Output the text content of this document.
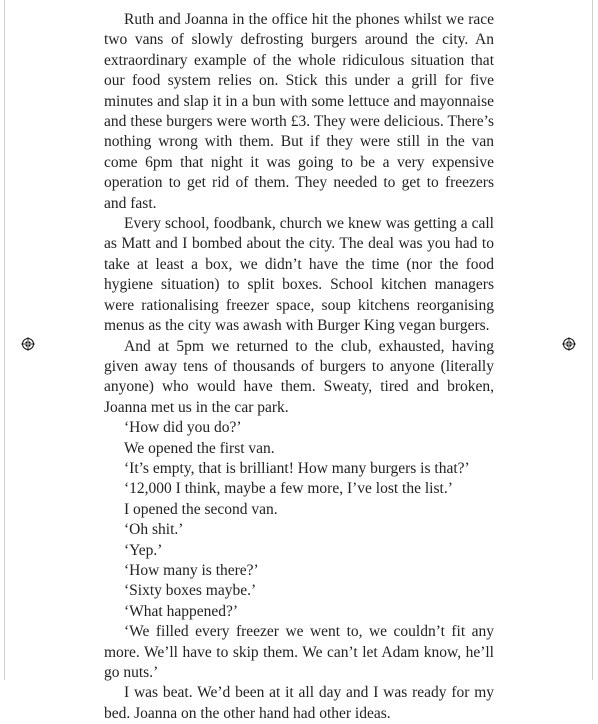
Ruth and Joanna in the office hit the phones whilst we race two vans of slowly defrosting burgers around the city. An extraordinary example of the whole ridiculous situation that our food system relies on. Stick this under a grill for five minutes and slap it in a bun with some lettuce and mayonnaise and these burgers were worth £3. They were delicious. There’s nothing wrong with them. But if they were still in the van come 6pm that night it was going to be a very expensive operation to get rid of them. They needed to get to freezers and fast.

Every school, foodbank, church we knew was getting a call as Matt and I bombed about the city. The deal was you had to take at least a box, we didn’t have the time (nor the food hygiene situation) to split boxes. School kitchen managers were rationalising freezer space, soup kitchens reorganising menus as the city was awash with Burger King vegan burgers.

And at 5pm we returned to the club, exhausted, having given away tens of thousands of burgers to anyone (literally anyone) who would have them. Sweaty, tired and broken, Joanna met us in the car park.

‘How did you do?’

We opened the first van.

‘It’s empty, that is brilliant! How many burgers is that?’

‘12,000 I think, maybe a few more, I’ve lost the list.’

I opened the second van.

‘Oh shit.’

‘Yep.’

‘How many is there?’

‘Sixty boxes maybe.’

‘What happened?’

‘We filled every freezer we went to, we couldn’t fit any more. We’ll have to skip them. We can’t let Adam know, he’ll go nuts.’

I was beat. We’d been at it all day and I was ready for my bed. Joanna on the other hand had other ideas.
